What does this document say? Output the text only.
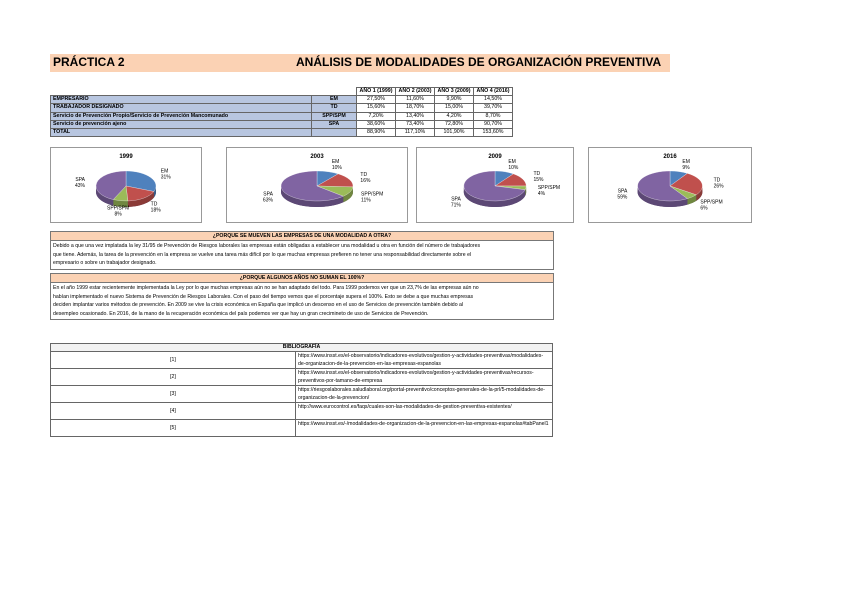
PRÁCTICA 2	ANÁLISIS DE MODALIDADES DE ORGANIZACIÓN PREVENTIVA
		AÑO 1 (1999)	AÑO 2 (2003)	AÑO 3 (2009)	AÑO 4 (2016)
EMPRESARIO	EM	27,50%	11,60%	9,90%	14,50%
TRABAJADOR DESIGNADO	TD	15,60%	18,70%	15,00%	39,70%
Servicio de Prevención Propio/Servicio de Prevención Mancomunado	SPP/SPM	7,20%	13,40%	4,20%	8,70%
Servicio de prevención ajeno	SPA	38,60%	73,40%	72,80%	90,70%
TOTAL		88,90%	117,10%	101,90%	153,60%
1999
EM
31%
TD
18%
SPP/SPM
8%
SPA
43%
2003
EM
10%
TD
16%
SPP/SPM
11%
SPA
63%
2009
EM
10%
TD
15%
SPP/SPM
4%
SPA
71%
2016
EM
9%
TD
26%
SPP/SPM
6%
SPA
59%
¿PORQUE SE MUEVEN LAS EMPRESAS DE UNA MODALIDAD A OTRA?
Debido a que una vez implatada la ley 31/95 de Prevención de Riesgos laborales las empresas están obligadas a establecer una modalidad u otra en función del número de trabajadores
que tiene. Además, la tarea de la prevención en la empresa se vuelve una tarea más difícil por lo que muchas empresas prefieren no tener una responsabilidad directamente sobre el
empresario o sobre un trabajador designado.
¿PORQUE ALGUNOS AÑOS NO SUMAN EL 100%?
En el año 1999 estar recientemente implementada la Ley por lo que muchas empresas aún no se han adaptado del todo. Para 1999 podemos ver que un 23,7% de las empresas aún no
habían implementado el nuevo Sistema de Prevención de Riesgos Laborales. Con el paso del tiempo vemos que el porcentaje supera el 100%. Esto se debe a que muchas empresas
deciden implantar varios métodos de prevención. En 2009 se vive la crisis económica en España que implicó un descenso en el uso de Servicios de prevención también debido al
desempleo ocasionado. En 2016, de la mano de la recuperación económica del país podemos ver que hay un gran crecimineto de uso de Servicios de Prevención.
BIBLIOGRAFÍA	
[1]	https://www.insst.es/el-observatorio/indicadores-evolutivos/gestion-y-actividades-preventivas/modalidades-de-organizacion-de-la-prevencion-en-las-empresas-espanolas
[2]	https://www.insst.es/el-observatorio/indicadores-evolutivos/gestion-y-actividades-preventivas/recursos-preventivos-por-tamano-de-empresa
[3]	https://riesgoslaborales.saludlaboral.org/portal-preventivo/conceptos-generales-de-la-prl/5-modalidades-de-organizacion-de-la-prevencion/
[4]	http://www.eurocontrol.es/faqs/cuales-son-las-modalidades-de-gestion-preventiva-existentes/
[5]	https://www.insst.es/-/modalidades-de-organizacion-de-la-prevencion-en-las-empresas-espanolas#tabPanel1
